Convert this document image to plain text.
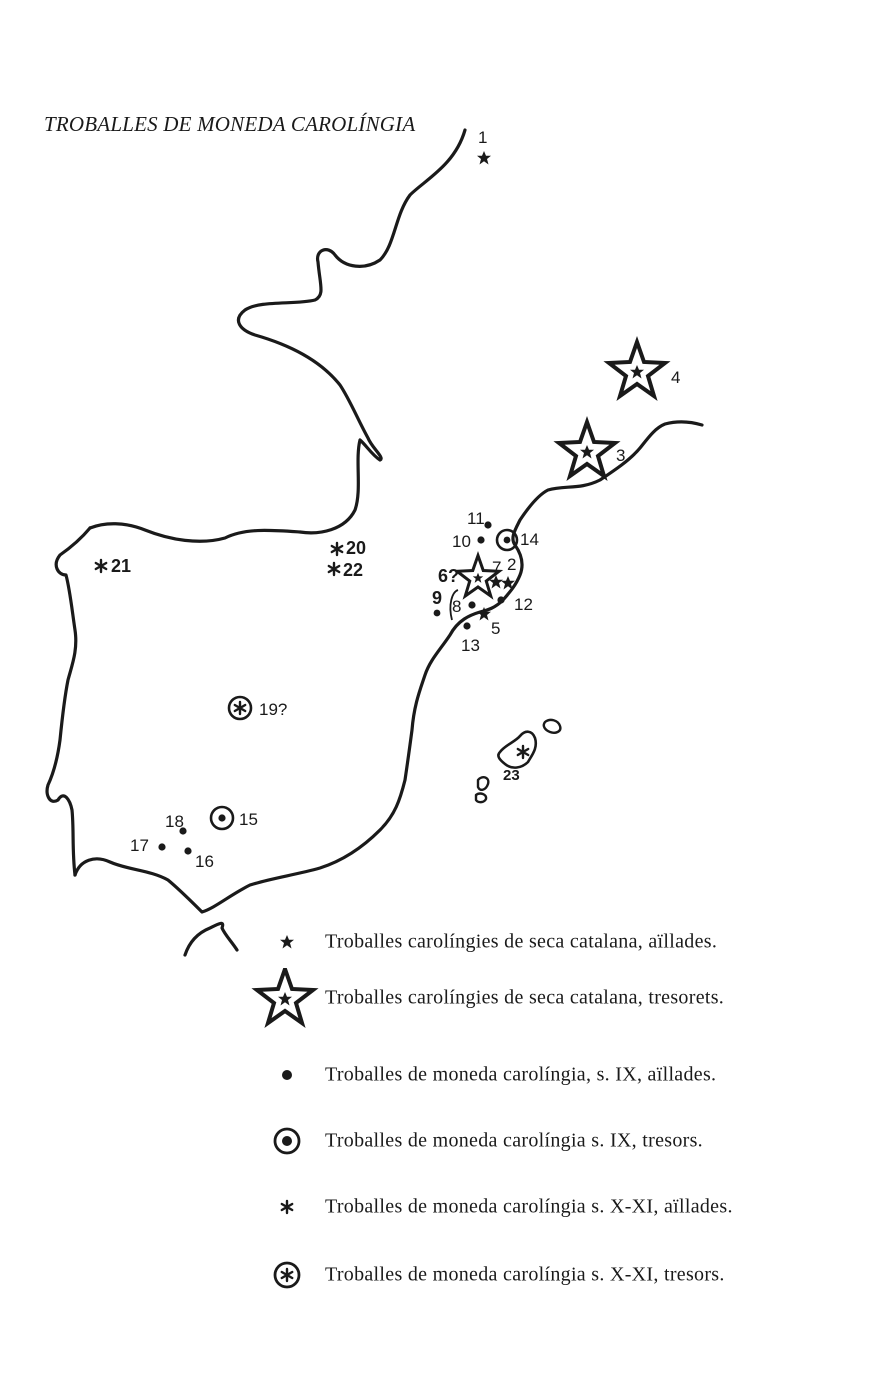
TROBALLES DE MONEDA CAROLÍNGIA
1
4
3
11
10	14
2
7
6?
9 8	12
5
13
21
20
22
19?
23
15
18
17
16
Troballes carolíngies de seca catalana, aïllades.
Troballes carolíngies de seca catalana, tresorets.
Troballes de moneda carolíngia, s. IX, aïllades.
Troballes de moneda carolíngia s. IX, tresors.
Troballes de moneda carolíngia s. X-XI, aïllades.
Troballes de moneda carolíngia s. X-XI, tresors.
